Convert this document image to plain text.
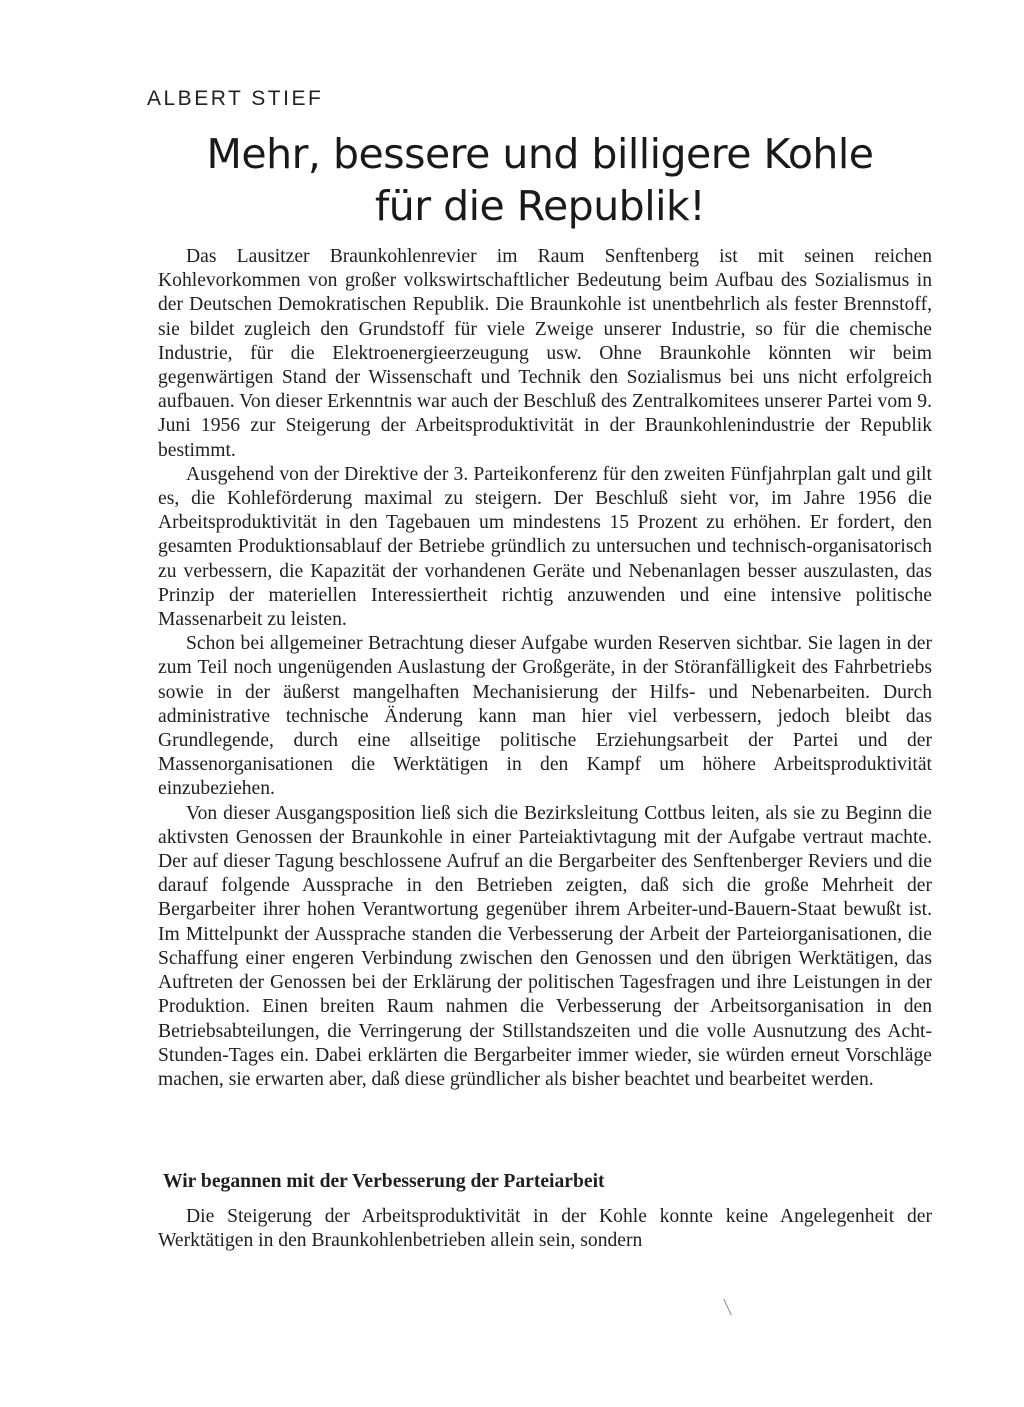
ALBERT STIEF
Mehr, bessere und billigere Kohle
für die Republik!

Das Lausitzer Braunkohlenrevier im Raum Senftenberg ist mit seinen reichen Kohlevorkommen von großer volkswirtschaftlicher Bedeutung beim Aufbau des Sozialismus in der Deutschen Demokratischen Republik. Die Braunkohle ist unentbehrlich als fester Brennstoff, sie bildet zugleich den Grundstoff für viele Zweige unserer Industrie, so für die chemische Industrie, für die Elektroenergieerzeugung usw. Ohne Braunkohle könnten wir beim gegenwärtigen Stand der Wissenschaft und Technik den Sozialismus bei uns nicht erfolgreich aufbauen. Von dieser Erkenntnis war auch der Beschluß des Zentralkomitees unserer Partei vom 9. Juni 1956 zur Steigerung der Arbeitsproduktivität in der Braunkohlenindustrie der Republik bestimmt.

Ausgehend von der Direktive der 3. Parteikonferenz für den zweiten Fünfjahrplan galt und gilt es, die Kohleförderung maximal zu steigern. Der Beschluß sieht vor, im Jahre 1956 die Arbeitsproduktivität in den Tagebauen um mindestens 15 Prozent zu erhöhen. Er fordert, den gesamten Produktionsablauf der Betriebe gründlich zu untersuchen und technisch-organisatorisch zu verbessern, die Kapazität der vorhandenen Geräte und Nebenanlagen besser auszulasten, das Prinzip der materiellen Interessiertheit richtig anzuwenden und eine intensive politische Massenarbeit zu leisten.

Schon bei allgemeiner Betrachtung dieser Aufgabe wurden Reserven sichtbar. Sie lagen in der zum Teil noch ungenügenden Auslastung der Großgeräte, in der Störanfälligkeit des Fahrbetriebs sowie in der äußerst mangelhaften Mechanisierung der Hilfs- und Nebenarbeiten. Durch administrative technische Änderung kann man hier viel verbessern, jedoch bleibt das Grundlegende, durch eine allseitige politische Erziehungsarbeit der Partei und der Massenorganisationen die Werktätigen in den Kampf um höhere Arbeitsproduktivität einzubeziehen.

Von dieser Ausgangsposition ließ sich die Bezirksleitung Cottbus leiten, als sie zu Beginn die aktivsten Genossen der Braunkohle in einer Parteiaktivtagung mit der Aufgabe vertraut machte. Der auf dieser Tagung beschlossene Aufruf an die Bergarbeiter des Senftenberger Reviers und die darauf folgende Aussprache in den Betrieben zeigten, daß sich die große Mehrheit der Bergarbeiter ihrer hohen Verantwortung gegenüber ihrem Arbeiter-und-Bauern-Staat bewußt ist. Im Mittelpunkt der Aussprache standen die Verbesserung der Arbeit der Parteiorganisationen, die Schaffung einer engeren Verbindung zwischen den Genossen und den übrigen Werktätigen, das Auftreten der Genossen bei der Erklärung der politischen Tagesfragen und ihre Leistungen in der Produktion. Einen breiten Raum nahmen die Verbesserung der Arbeitsorganisation in den Betriebsabteilungen, die Verringerung der Stillstandszeiten und die volle Ausnutzung des Acht-Stunden-Tages ein. Dabei erklärten die Bergarbeiter immer wieder, sie würden erneut Vorschläge machen, sie erwarten aber, daß diese gründlicher als bisher beachtet und bearbeitet werden.

Wir begannen mit der Verbesserung der Parteiarbeit

Die Steigerung der Arbeitsproduktivität in der Kohle konnte keine Angelegenheit der Werktätigen in den Braunkohlenbetrieben allein sein, sondern
